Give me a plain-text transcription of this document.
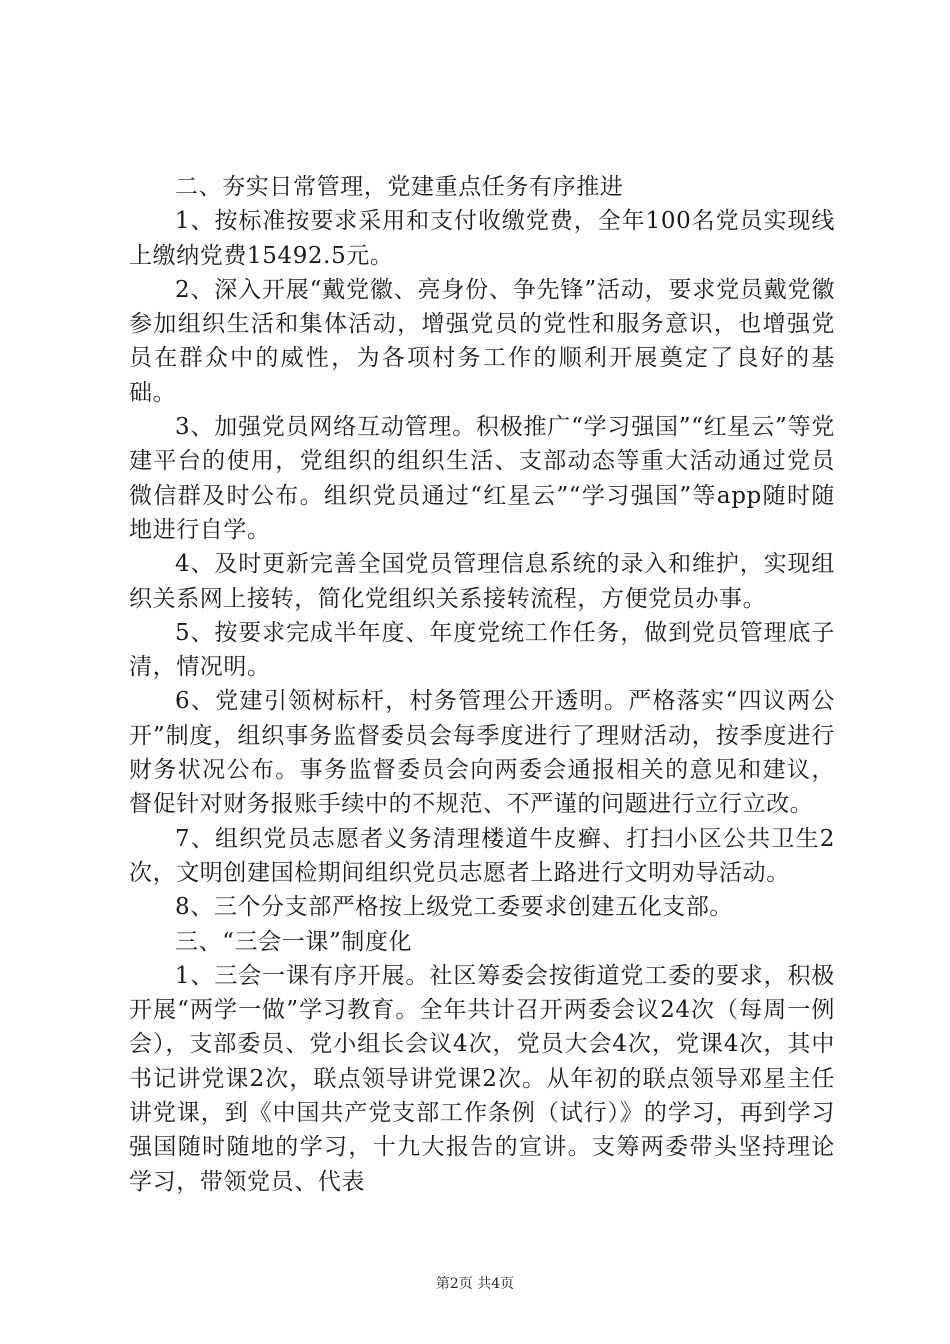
二、夯实日常管理，党建重点任务有序推进

1、按标准按要求采用和支付收缴党费，全年100名党员实现线上缴纳党费15492.5元。

2、深入开展“戴党徽、亮身份、争先锋”活动，要求党员戴党徽参加组织生活和集体活动，增强党员的党性和服务意识，也增强党员在群众中的威性，为各项村务工作的顺利开展奠定了良好的基础。

3、加强党员网络互动管理。积极推广“学习强国”“红星云”等党建平台的使用，党组织的组织生活、支部动态等重大活动通过党员微信群及时公布。组织党员通过“红星云”“学习强国”等app随时随地进行自学。

4、及时更新完善全国党员管理信息系统的录入和维护，实现组织关系网上接转，简化党组织关系接转流程，方便党员办事。

5、按要求完成半年度、年度党统工作任务，做到党员管理底子清，情况明。

6、党建引领树标杆，村务管理公开透明。严格落实“四议两公开”制度，组织事务监督委员会每季度进行了理财活动，按季度进行财务状况公布。事务监督委员会向两委会通报相关的意见和建议，督促针对财务报账手续中的不规范、不严谨的问题进行立行立改。

7、组织党员志愿者义务清理楼道牛皮癣、打扫小区公共卫生2次，文明创建国检期间组织党员志愿者上路进行文明劝导活动。

8、三个分支部严格按上级党工委要求创建五化支部。

三、“三会一课”制度化

1、三会一课有序开展。社区筹委会按街道党工委的要求，积极开展“两学一做”学习教育。全年共计召开两委会议24次（每周一例会），支部委员、党小组长会议4次，党员大会4次，党课4次，其中书记讲党课2次，联点领导讲党课2次。从年初的联点领导邓星主任讲党课，到《中国共产党支部工作条例（试行）》的学习，再到学习强国随时随地的学习，十九大报告的宣讲。支筹两委带头坚持理论学习，带领党员、代表

第2页 共4页
